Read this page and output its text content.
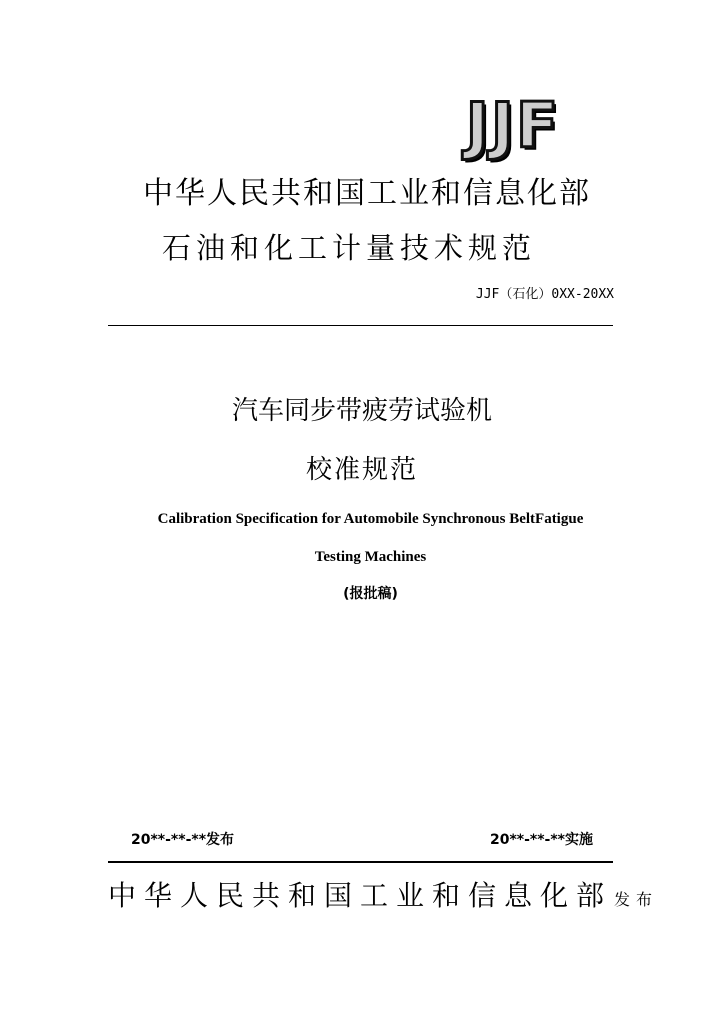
JJF
中华人民共和国工业和信息化部
石油和化工计量技术规范
JJF（石化）0XX-20XX
汽车同步带疲劳试验机
校准规范
Calibration Specification for Automobile Synchronous BeltFatigue
Testing Machines
(报批稿)
20**-**-**发布	20**-**-**实施
中华人民共和国工业和信息化部 发布
